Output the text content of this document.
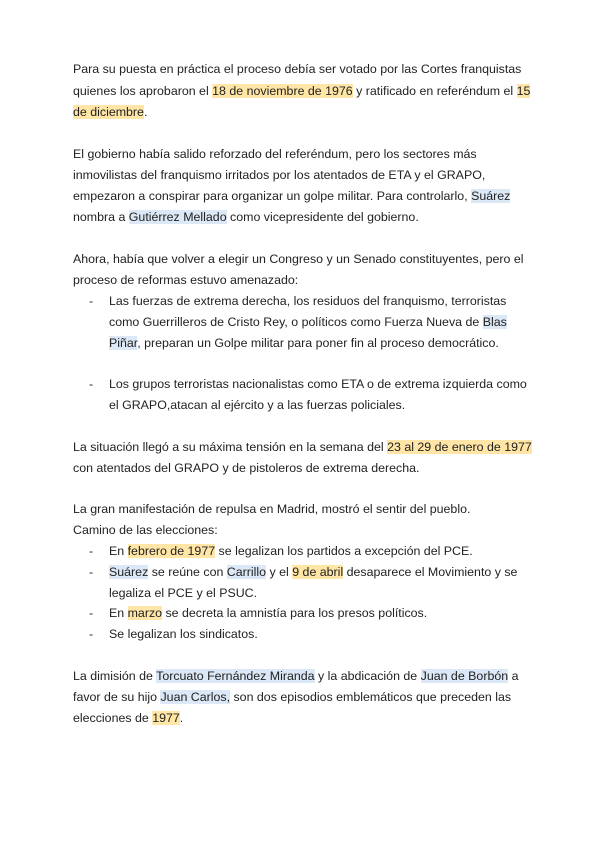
Para su puesta en práctica el proceso debía ser votado por las Cortes franquistas
quienes los aprobaron el 18 de noviembre de 1976 y ratificado en referéndum el 15
de diciembre.
El gobierno había salido reforzado del referéndum, pero los sectores más
inmovilistas del franquismo irritados por los atentados de ETA y el GRAPO,
empezaron a conspirar para organizar un golpe militar. Para controlarlo, Suárez
nombra a Gutiérrez Mellado como vicepresidente del gobierno.
Ahora, había que volver a elegir un Congreso y un Senado constituyentes, pero el
proceso de reformas estuvo amenazado:
- Las fuerzas de extrema derecha, los residuos del franquismo, terroristas
como Guerrilleros de Cristo Rey, o políticos como Fuerza Nueva de Blas
Piñar, preparan un Golpe militar para poner fin al proceso democrático.
- Los grupos terroristas nacionalistas como ETA o de extrema izquierda como
el GRAPO,atacan al ejército y a las fuerzas policiales.
La situación llegó a su máxima tensión en la semana del 23 al 29 de enero de 1977
con atentados del GRAPO y de pistoleros de extrema derecha.
La gran manifestación de repulsa en Madrid, mostró el sentir del pueblo.
Camino de las elecciones:
- En febrero de 1977 se legalizan los partidos a excepción del PCE.
- Suárez se reúne con Carrillo y el 9 de abril desaparece el Movimiento y se
legaliza el PCE y el PSUC.
- En marzo se decreta la amnistía para los presos políticos.
- Se legalizan los sindicatos.
La dimisión de Torcuato Fernández Miranda y la abdicación de Juan de Borbón a
favor de su hijo Juan Carlos, son dos episodios emblemáticos que preceden las
elecciones de 1977.
